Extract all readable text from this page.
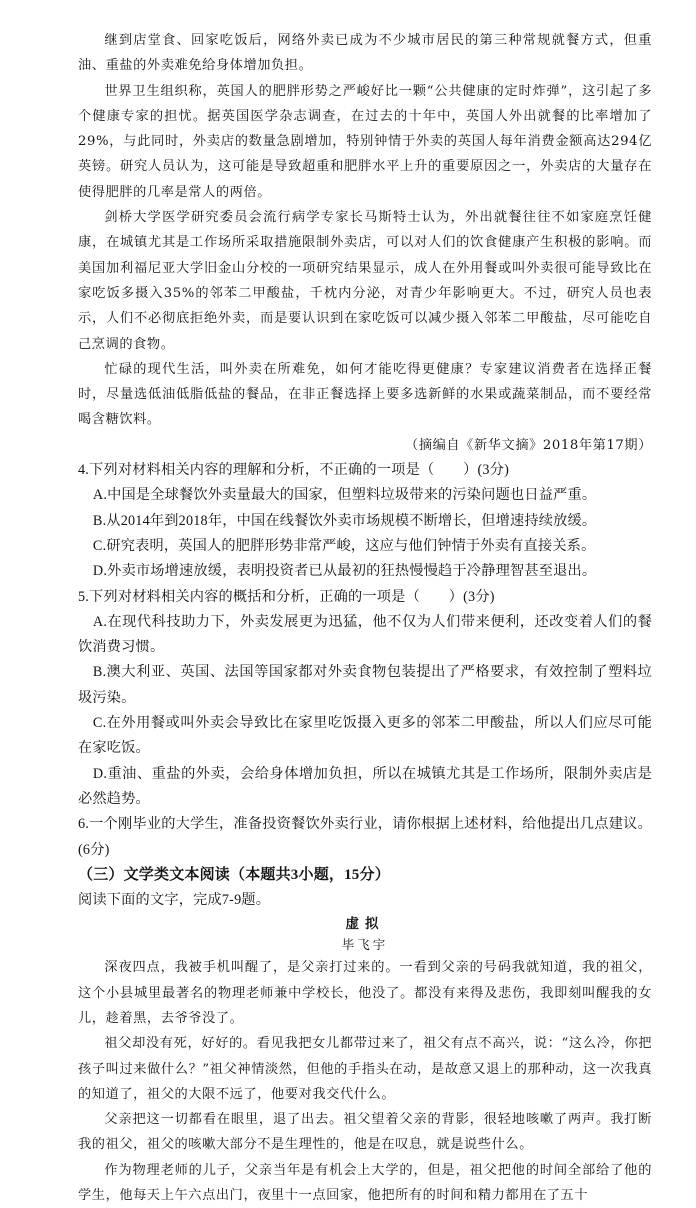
继到店堂食、回家吃饭后，网络外卖已成为不少城市居民的第三种常规就餐方式，但重油、重盐的外卖难免给身体增加负担。

世界卫生组织称，英国人的肥胖形势之严峻好比一颗“公共健康的定时炸弹”，这引起了多个健康专家的担忧。据英国医学杂志调查，在过去的十年中，英国人外出就餐的比率增加了29%，与此同时，外卖店的数量急剧增加，特别钟情于外卖的英国人每年消费金额高达294亿英镑。研究人员认为，这可能是导致超重和肥胖水平上升的重要原因之一，外卖店的大量存在使得肥胖的几率是常人的两倍。

剑桥大学医学研究委员会流行病学专家长马斯特士认为，外出就餐往往不如家庭烹饪健康，在城镇尤其是工作场所采取措施限制外卖店，可以对人们的饮食健康产生积极的影响。而美国加利福尼亚大学旧金山分校的一项研究结果显示，成人在外用餐或叫外卖很可能导致比在家吃饭多摄入35%的邻苯二甲酸盐，千枕内分泌，对青少年影响更大。不过，研究人员也表示，人们不必彻底拒绝外卖，而是要认识到在家吃饭可以减少摄入邻苯二甲酸盐，尽可能吃自己烹调的食物。

忙碌的现代生活，叫外卖在所难免，如何才能吃得更健康？专家建议消费者在选择正餐时，尽量选低油低脂低盐的餐品，在非正餐选择上要多选新鲜的水果或蔬菜制品，而不要经常喝含糖饮料。

（摘编自《新华文摘》2018年第17期）

4.下列对材料相关内容的理解和分析，不正确的一项是（　　）(3分)

A.中国是全球餐饮外卖量最大的国家，但塑料垃圾带来的污染问题也日益严重。

B.从2014年到2018年，中国在线餐饮外卖市场规模不断增长，但增速持续放缓。

C.研究表明，英国人的肥胖形势非常严峻，这应与他们钟情于外卖有直接关系。

D.外卖市场增速放缓，表明投资者已从最初的狂热慢慢趋于冷静理智甚至退出。

5.下列对材料相关内容的概括和分析，正确的一项是（　　）(3分)

A.在现代科技助力下，外卖发展更为迅猛，他不仅为人们带来便利，还改变着人们的餐饮消费习惯。

B.澳大利亚、英国、法国等国家都对外卖食物包装提出了严格要求，有效控制了塑料垃圾污染。

C.在外用餐或叫外卖会导致比在家里吃饭摄入更多的邻苯二甲酸盐，所以人们应尽可能在家吃饭。

D.重油、重盐的外卖，会给身体增加负担，所以在城镇尤其是工作场所，限制外卖店是必然趋势。

6.一个刚毕业的大学生，准备投资餐饮外卖行业，请你根据上述材料，给他提出几点建议。(6分)

（三）文学类文本阅读（本题共3小题，15分）

阅读下面的文字，完成7-9题。

虚拟

毕飞宇

深夜四点，我被手机叫醒了，是父亲打过来的。一看到父亲的号码我就知道，我的祖父，这个小县城里最著名的物理老师兼中学校长，他没了。都没有来得及悲伤，我即刻叫醒我的女儿，趁着黑，去爷爷没了。

祖父却没有死，好好的。看见我把女儿都带过来了，祖父有点不高兴，说：“这么冷，你把孩子叫过来做什么？”祖父神情淡然，但他的手指头在动，是故意又退上的那种动，这一次我真的知道了，祖父的大限不远了，他要对我交代什么。

父亲把这一切都看在眼里，退了出去。祖父望着父亲的背影，很轻地咳嗽了两声。我打断我的祖父，祖父的咳嗽大部分不是生理性的，他是在叹息，就是说些什么。

作为物理老师的儿子，父亲当年是有机会上大学的，但是，祖父把他的时间全部给了他的学生，他每天上午六点出门，夜里十一点回家，他把所有的时间和精力都用在了五十
